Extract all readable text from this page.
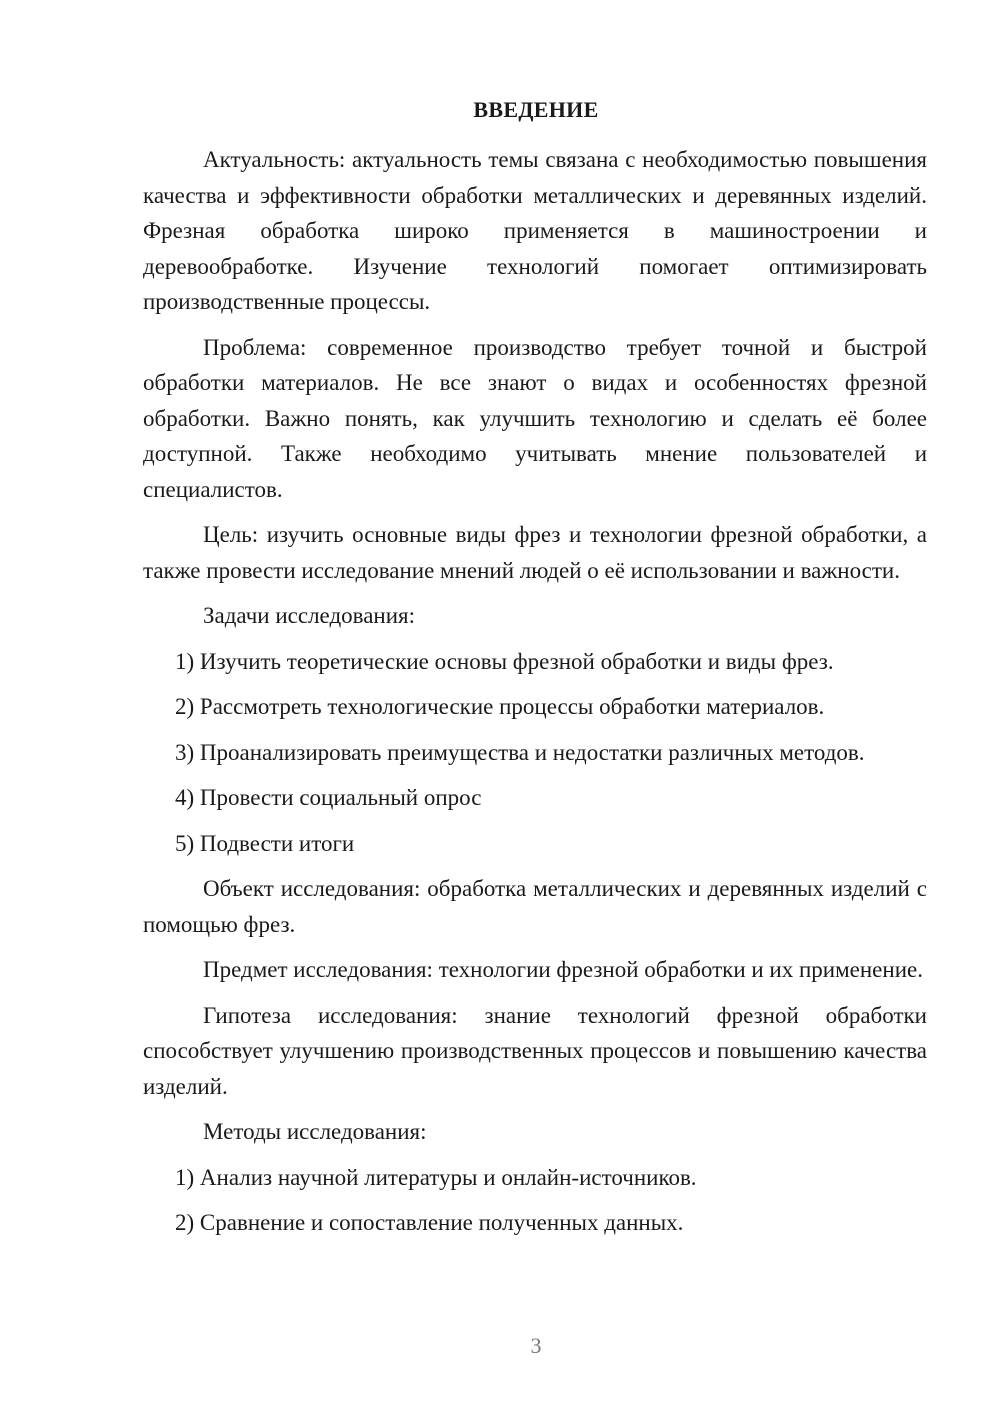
ВВЕДЕНИЕ

Актуальность: актуальность темы связана с необходимостью повышения качества и эффективности обработки металлических и деревянных изделий. Фрезная обработка широко применяется в машиностроении и деревообработке. Изучение технологий помогает оптимизировать производственные процессы.

Проблема: современное производство требует точной и быстрой обработки материалов. Не все знают о видах и особенностях фрезной обработки. Важно понять, как улучшить технологию и сделать её более доступной. Также необходимо учитывать мнение пользователей и специалистов.

Цель: изучить основные виды фрез и технологии фрезной обработки, а также провести исследование мнений людей о её использовании и важности.

Задачи исследования:
1) Изучить теоретические основы фрезной обработки и виды фрез.
2) Рассмотреть технологические процессы обработки материалов.
3) Проанализировать преимущества и недостатки различных методов.
4) Провести социальный опрос
5) Подвести итоги

Объект исследования: обработка металлических и деревянных изделий с помощью фрез.

Предмет исследования: технологии фрезной обработки и их применение.

Гипотеза исследования: знание технологий фрезной обработки способствует улучшению производственных процессов и повышению качества изделий.

Методы исследования:
1) Анализ научной литературы и онлайн-источников.
2) Сравнение и сопоставление полученных данных.
3
